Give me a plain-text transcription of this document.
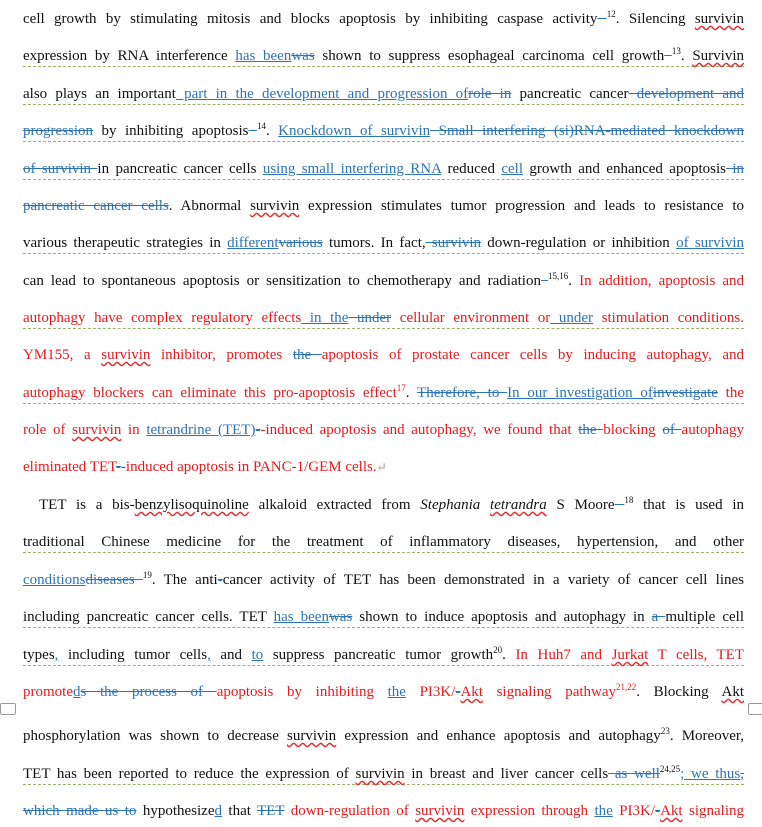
cell growth by stimulating mitosis and blocks apoptosis by inhibiting caspase activity $^{12}$. Silencing survivin
expression by RNA interference has beenwas shown to suppress esophageal carcinoma cell growth $^{13}$. Survivin
also plays an important part in the development and progression ofrole in pancreatic cancer development and
progression by inhibiting apoptosis $^{14}$. Knockdown of survivin Small interfering (si)RNA-mediated knockdown
of survivin in pancreatic cancer cells using small interfering RNA reduced cell growth and enhanced apoptosis in
pancreatic cancer cells. Abnormal survivin expression stimulates tumor progression and leads to resistance to
various therapeutic strategies in differentvarious tumors. In fact, survivin down-regulation or inhibition of survivin
can lead to spontaneous apoptosis or sensitization to chemotherapy and radiation $^{15,16}$. In addition, apoptosis and
autophagy have complex regulatory effects in the under cellular environment or under stimulation conditions.
YM155, a survivin inhibitor, promotes the apoptosis of prostate cancer cells by inducing autophagy, and
autophagy blockers can eliminate this pro-apoptosis effect$^{17}$. Therefore, to In our investigation ofinvestigate the
role of survivin in tetrandrine (TET)--induced apoptosis and autophagy, we found that the blocking of autophagy
eliminated TET--induced apoptosis in PANC-1/GEM cells.↵
TET is a bis-benzylisoquinoline alkaloid extracted from Stephania tetrandra S Moore $^{18}$ that is used in
traditional Chinese medicine for the treatment of inflammatory diseases, hypertension, and other
conditionsdiseases $^{19}$. The anti-cancer activity of TET has been demonstrated in a variety of cancer cell lines
including pancreatic cancer cells. TET has beenwas shown to induce apoptosis and autophagy in a multiple cell
types, including tumor cells, and to suppress pancreatic tumor growth$^{20}$. In Huh7 and Jurkat T cells, TET
promoteds the process of apoptosis by inhibiting the PI3K/-Akt signaling pathway$^{21,22}$. Blocking Akt
phosphorylation was shown to decrease survivin expression and enhance apoptosis and autophagy$^{23}$. Moreover,
TET has been reported to reduce the expression of survivin in breast and liver cancer cells as well$^{24,25}$; we thus,
which made us to hypothesized that TET down-regulation of survivin expression through the PI3K/-Akt signaling
